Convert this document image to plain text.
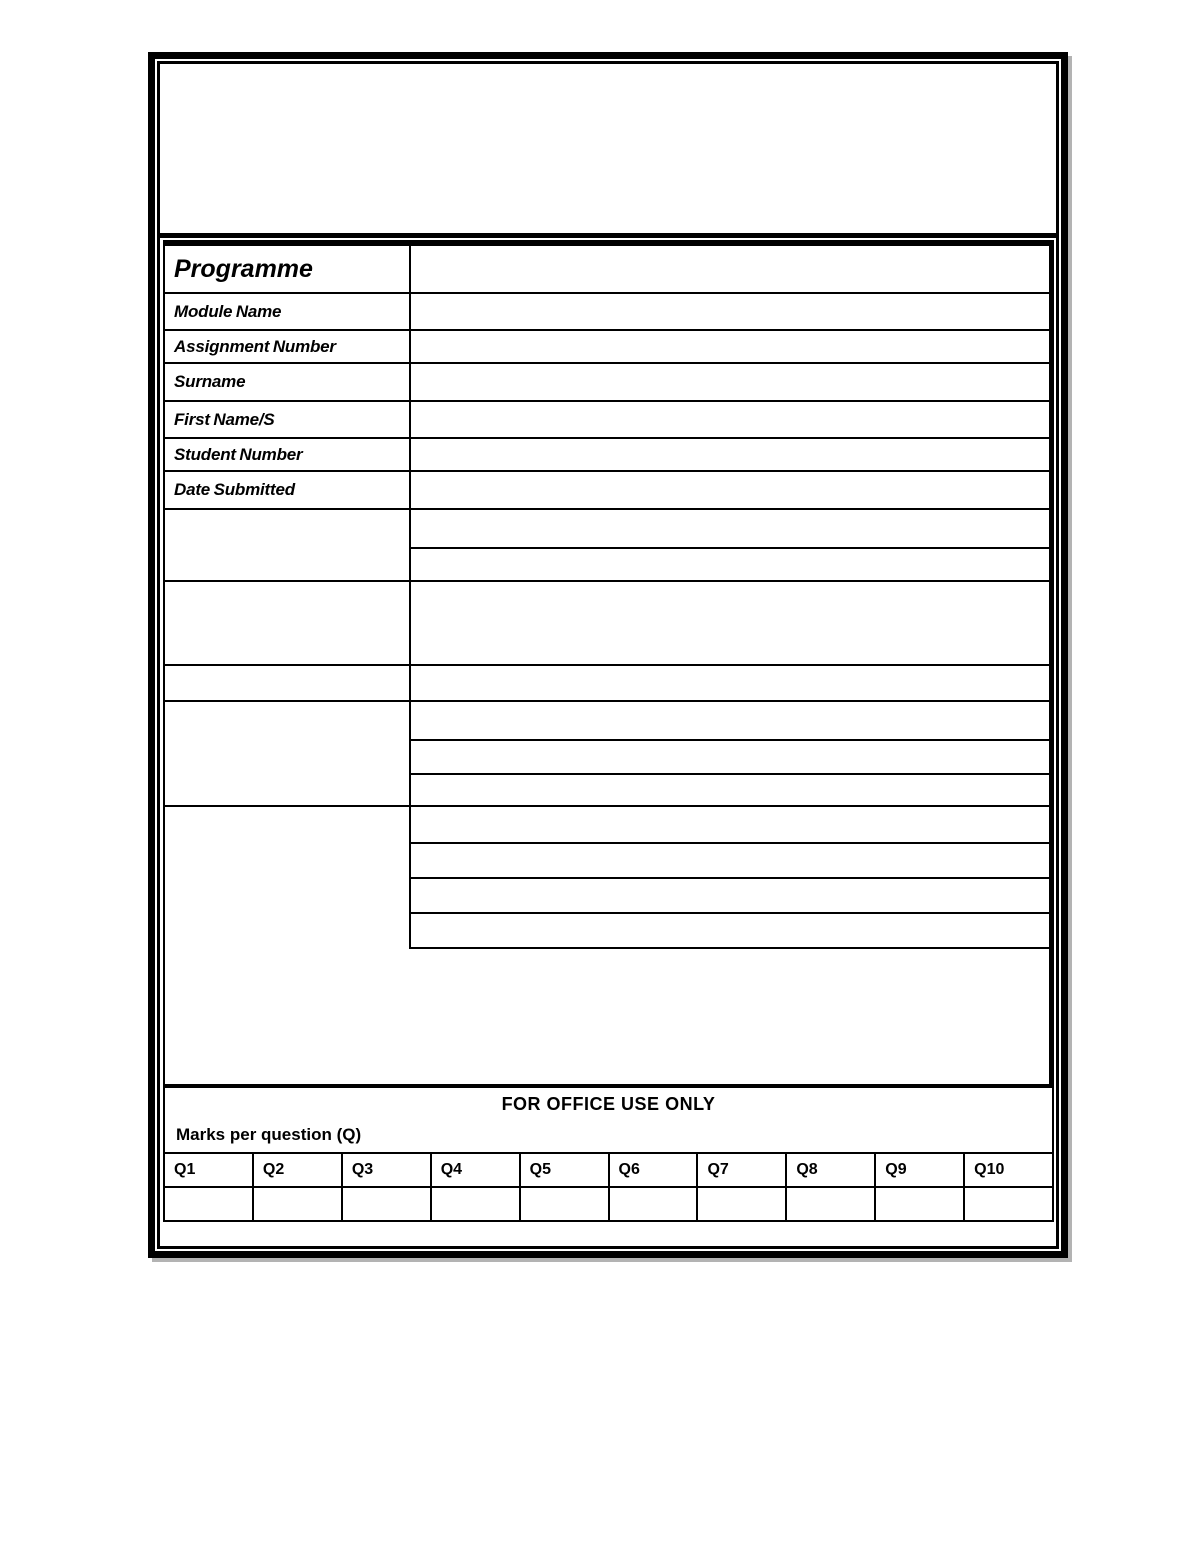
Programme
Module Name
Assignment Number
Surname
First Name/S
Student Number
Date Submitted
FOR OFFICE USE ONLY
Marks per question (Q)
Q1	Q2	Q3	Q4	Q5	Q6	Q7	Q8	Q9	Q10
